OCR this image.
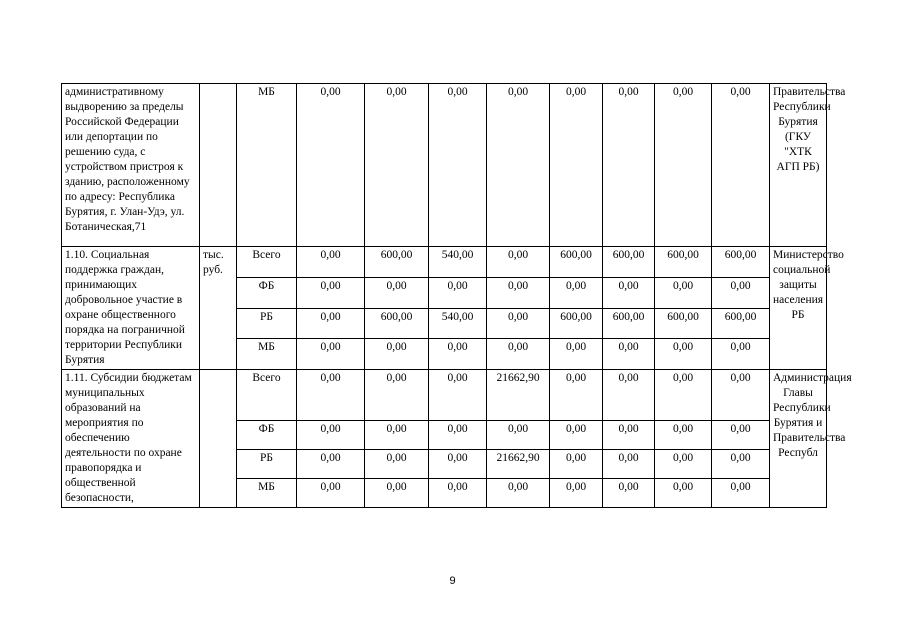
административному выдворению за пределы Российской Федерации или депортации по решению суда, с устройством пристроя к зданию, расположенному по адресу: Республика Бурятия, г. Улан-Удэ, ул. Ботаническая,71		МБ	0,00	0,00	0,00	0,00	0,00	0,00	0,00	0,00	Правительства Республики Бурятия (ГКУ "ХТК АГП РБ)
1.10. Социальная поддержка граждан, принимающих добровольное участие в охране общественного порядка на пограничной территории Республики Бурятия	тыс. руб.	Всего	0,00	600,00	540,00	0,00	600,00	600,00	600,00	600,00	Министерство социальной защиты населения РБ
		ФБ	0,00	0,00	0,00	0,00	0,00	0,00	0,00	0,00	
		РБ	0,00	600,00	540,00	0,00	600,00	600,00	600,00	600,00	
		МБ	0,00	0,00	0,00	0,00	0,00	0,00	0,00	0,00	
1.11. Субсидии бюджетам муниципальных образований на мероприятия по обеспечению деятельности по охране правопорядка и общественной безопасности,		Всего	0,00	0,00	0,00	21662,90	0,00	0,00	0,00	0,00	Администрация Главы Республики Бурятия и Правительства Республ
		ФБ	0,00	0,00	0,00	0,00	0,00	0,00	0,00	0,00	
		РБ	0,00	0,00	0,00	21662,90	0,00	0,00	0,00	0,00	
		МБ	0,00	0,00	0,00	0,00	0,00	0,00	0,00	0,00	
9
